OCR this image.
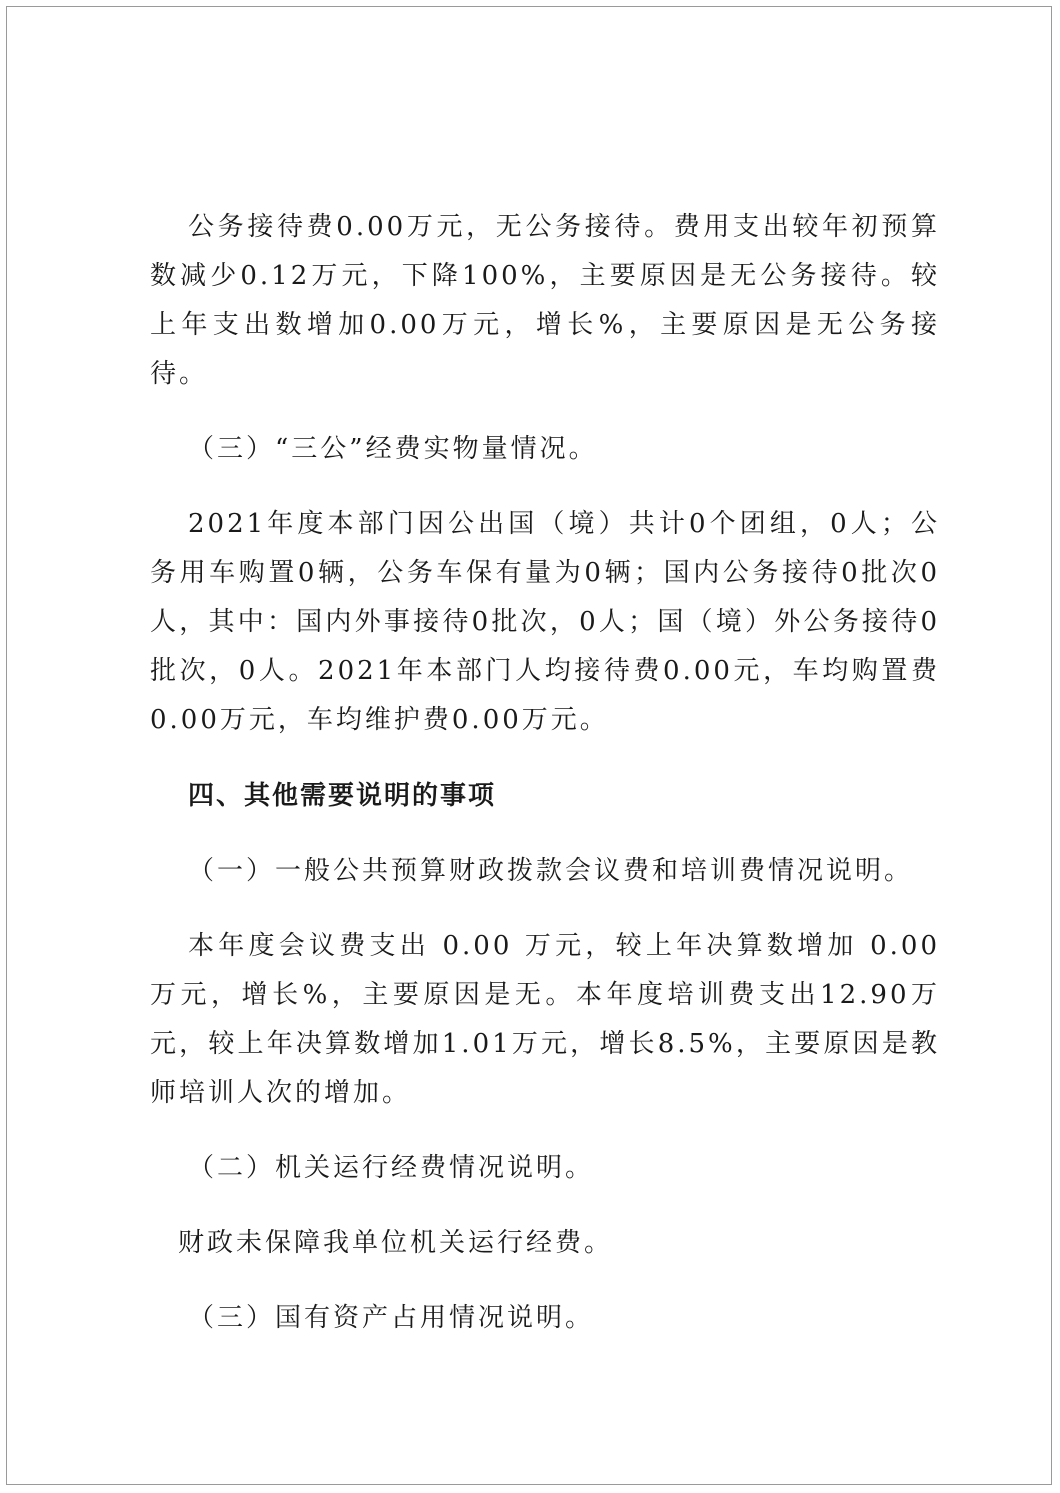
公务接待费0.00万元，无公务接待。费用支出较年初预算数减少0.12万元，下降100%，主要原因是无公务接待。较上年支出数增加0.00万元，增长%，主要原因是无公务接待。

（三）“三公”经费实物量情况。

2021年度本部门因公出国（境）共计0个团组，0人；公务用车购置0辆，公务车保有量为0辆；国内公务接待0批次0人，其中：国内外事接待0批次，0人；国（境）外公务接待0批次，0人。2021年本部门人均接待费0.00元，车均购置费0.00万元，车均维护费0.00万元。

四、其他需要说明的事项

（一）一般公共预算财政拨款会议费和培训费情况说明。

本年度会议费支出 0.00 万元，较上年决算数增加 0.00 万元，增长%，主要原因是无。本年度培训费支出12.90万元，较上年决算数增加1.01万元，增长8.5%，主要原因是教师培训人次的增加。

（二）机关运行经费情况说明。

财政未保障我单位机关运行经费。

（三）国有资产占用情况说明。
